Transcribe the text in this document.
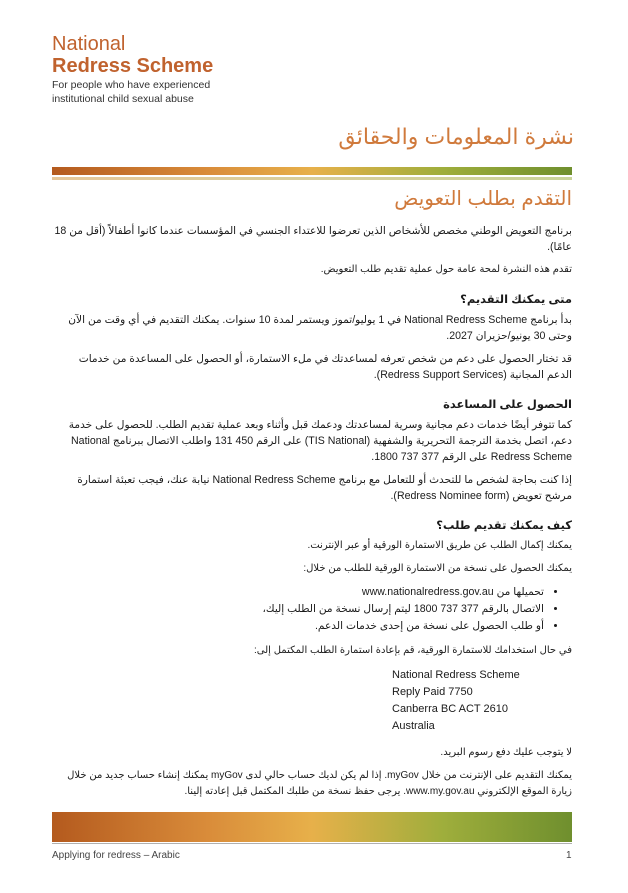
National
Redress Scheme
For people who have experienced
institutional child sexual abuse
نشرة المعلومات والحقائق
التقدم بطلب التعويض

برنامج التعويض الوطني مخصص للأشخاص الذين تعرضوا للاعتداء الجنسي في المؤسسات عندما كانوا أطفالاً (أقل من 18 عامًا).

تقدم هذه النشرة لمحة عامة حول عملية تقديم طلب التعويض.

متى يمكنك التقديم؟

بدأ برنامج National Redress Scheme في 1 يوليو/تموز ويستمر لمدة 10 سنوات. يمكنك التقديم في أي وقت من الآن وحتى 30 يونيو/حزيران 2027.

قد تختار الحصول على دعم من شخص تعرفه لمساعدتك في ملء الاستمارة، أو الحصول على المساعدة من خدمات الدعم المجانية (Redress Support Services).

الحصول على المساعدة

كما تتوفر أيضًا خدمات دعم مجانية وسرية لمساعدتك ودعمك قبل وأثناء وبعد عملية تقديم الطلب. للحصول على خدمة دعم، اتصل بخدمة الترجمة التحريرية والشفهية (TIS National) على الرقم 450 131 واطلب الاتصال ببرنامج National Redress Scheme على الرقم 377 737 1800.

إذا كنت بحاجة لشخص ما للتحدث أو للتعامل مع برنامج National Redress Scheme نيابة عنك، فيجب تعبئة استمارة مرشح تعويض (Redress Nominee form).

كيف يمكنك تقديم طلب؟

يمكنك إكمال الطلب عن طريق الاستمارة الورقية أو عبر الإنترنت.

يمكنك الحصول على نسخة من الاستمارة الورقية للطلب من خلال:

• تحميلها من www.nationalredress.gov.au
• الاتصال بالرقم 377 737 1800 ليتم إرسال نسخة من الطلب إليك،
• أو طلب الحصول على نسخة من إحدى خدمات الدعم.

في حال استخدامك للاستمارة الورقية، قم بإعادة استمارة الطلب المكتمل إلى:

National Redress Scheme
Reply Paid 7750
Canberra BC ACT 2610
Australia

لا يتوجب عليك دفع رسوم البريد.

يمكنك التقديم على الإنترنت من خلال myGov. إذا لم يكن لديك حساب حالي لدى myGov يمكنك إنشاء حساب جديد من خلال زيارة الموقع الإلكتروني www.my.gov.au. يرجى حفظ نسخة من طلبك المكتمل قبل إعادته إلينا.

Applying for redress – Arabic	1
